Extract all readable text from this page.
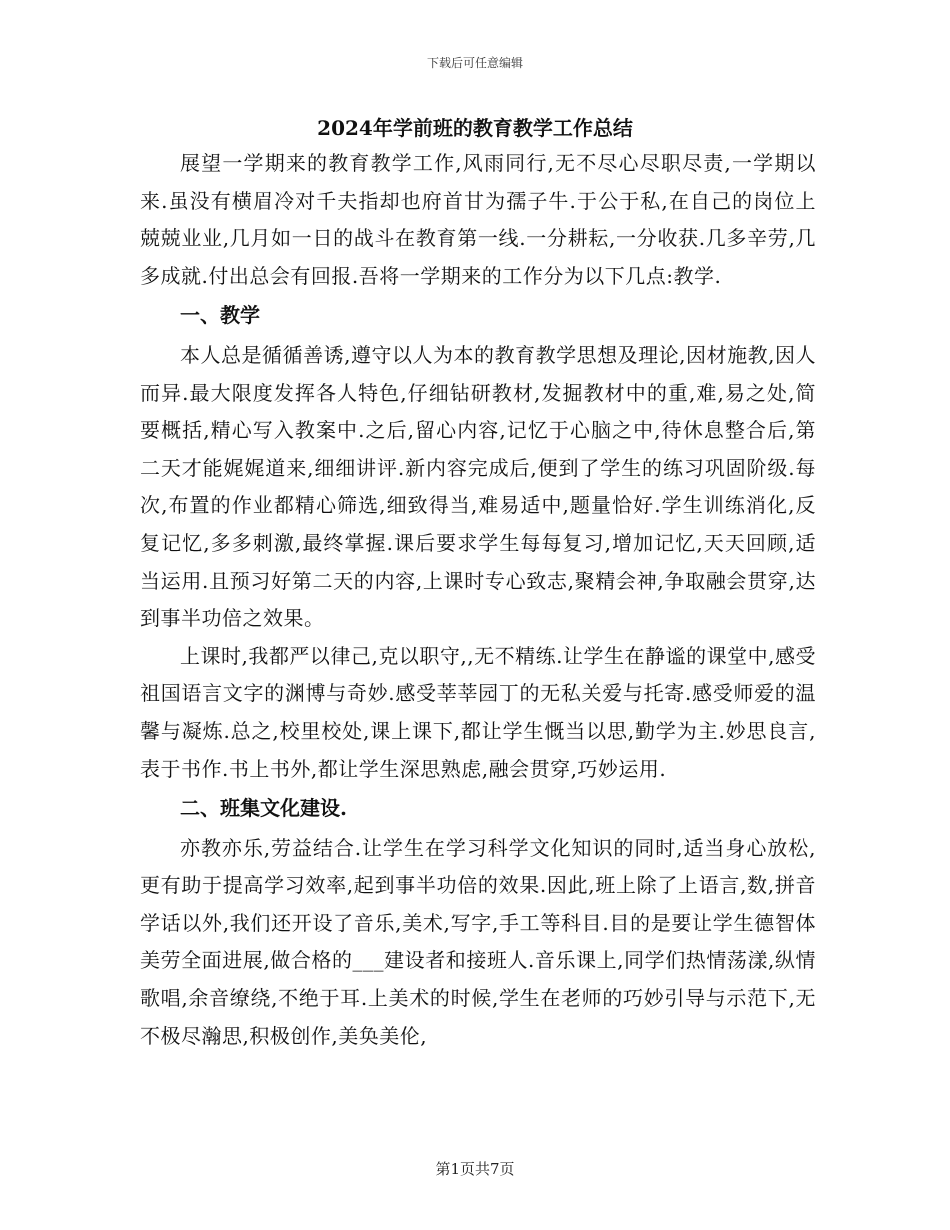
下载后可任意编辑
2024年学前班的教育教学工作总结

展望一学期来的教育教学工作,风雨同行,无不尽心尽职尽责,一学期以来.虽没有横眉冷对千夫指却也府首甘为孺子牛.于公于私,在自己的岗位上兢兢业业,几月如一日的战斗在教育第一线.一分耕耘,一分收获.几多辛劳,几多成就.付出总会有回报.吾将一学期来的工作分为以下几点:教学.

一、教学

本人总是循循善诱,遵守以人为本的教育教学思想及理论,因材施教,因人而异.最大限度发挥各人特色,仔细钻研教材,发掘教材中的重,难,易之处,简要概括,精心写入教案中.之后,留心内容,记忆于心脑之中,待休息整合后,第二天才能娓娓道来,细细讲评.新内容完成后,便到了学生的练习巩固阶级.每次,布置的作业都精心筛选,细致得当,难易适中,题量恰好.学生训练消化,反复记忆,多多刺激,最终掌握.课后要求学生每每复习,增加记忆,天天回顾,适当运用.且预习好第二天的内容,上课时专心致志,聚精会神,争取融会贯穿,达到事半功倍之效果。

上课时,我都严以律己,克以职守,,无不精练.让学生在静谧的课堂中,感受祖国语言文字的渊博与奇妙.感受莘莘园丁的无私关爱与托寄.感受师爱的温馨与凝炼.总之,校里校处,课上课下,都让学生慨当以思,勤学为主.妙思良言,表于书作.书上书外,都让学生深思熟虑,融会贯穿,巧妙运用.

二、班集文化建设.

亦教亦乐,劳益结合.让学生在学习科学文化知识的同时,适当身心放松,更有助于提高学习效率,起到事半功倍的效果.因此,班上除了上语言,数,拼音学话以外,我们还开设了音乐,美术,写字,手工等科目.目的是要让学生德智体美劳全面进展,做合格的___建设者和接班人.音乐课上,同学们热情荡漾,纵情歌唱,余音缭绕,不绝于耳.上美术的时候,学生在老师的巧妙引导与示范下,无不极尽瀚思,积极创作,美奂美伦,

第1页共7页
